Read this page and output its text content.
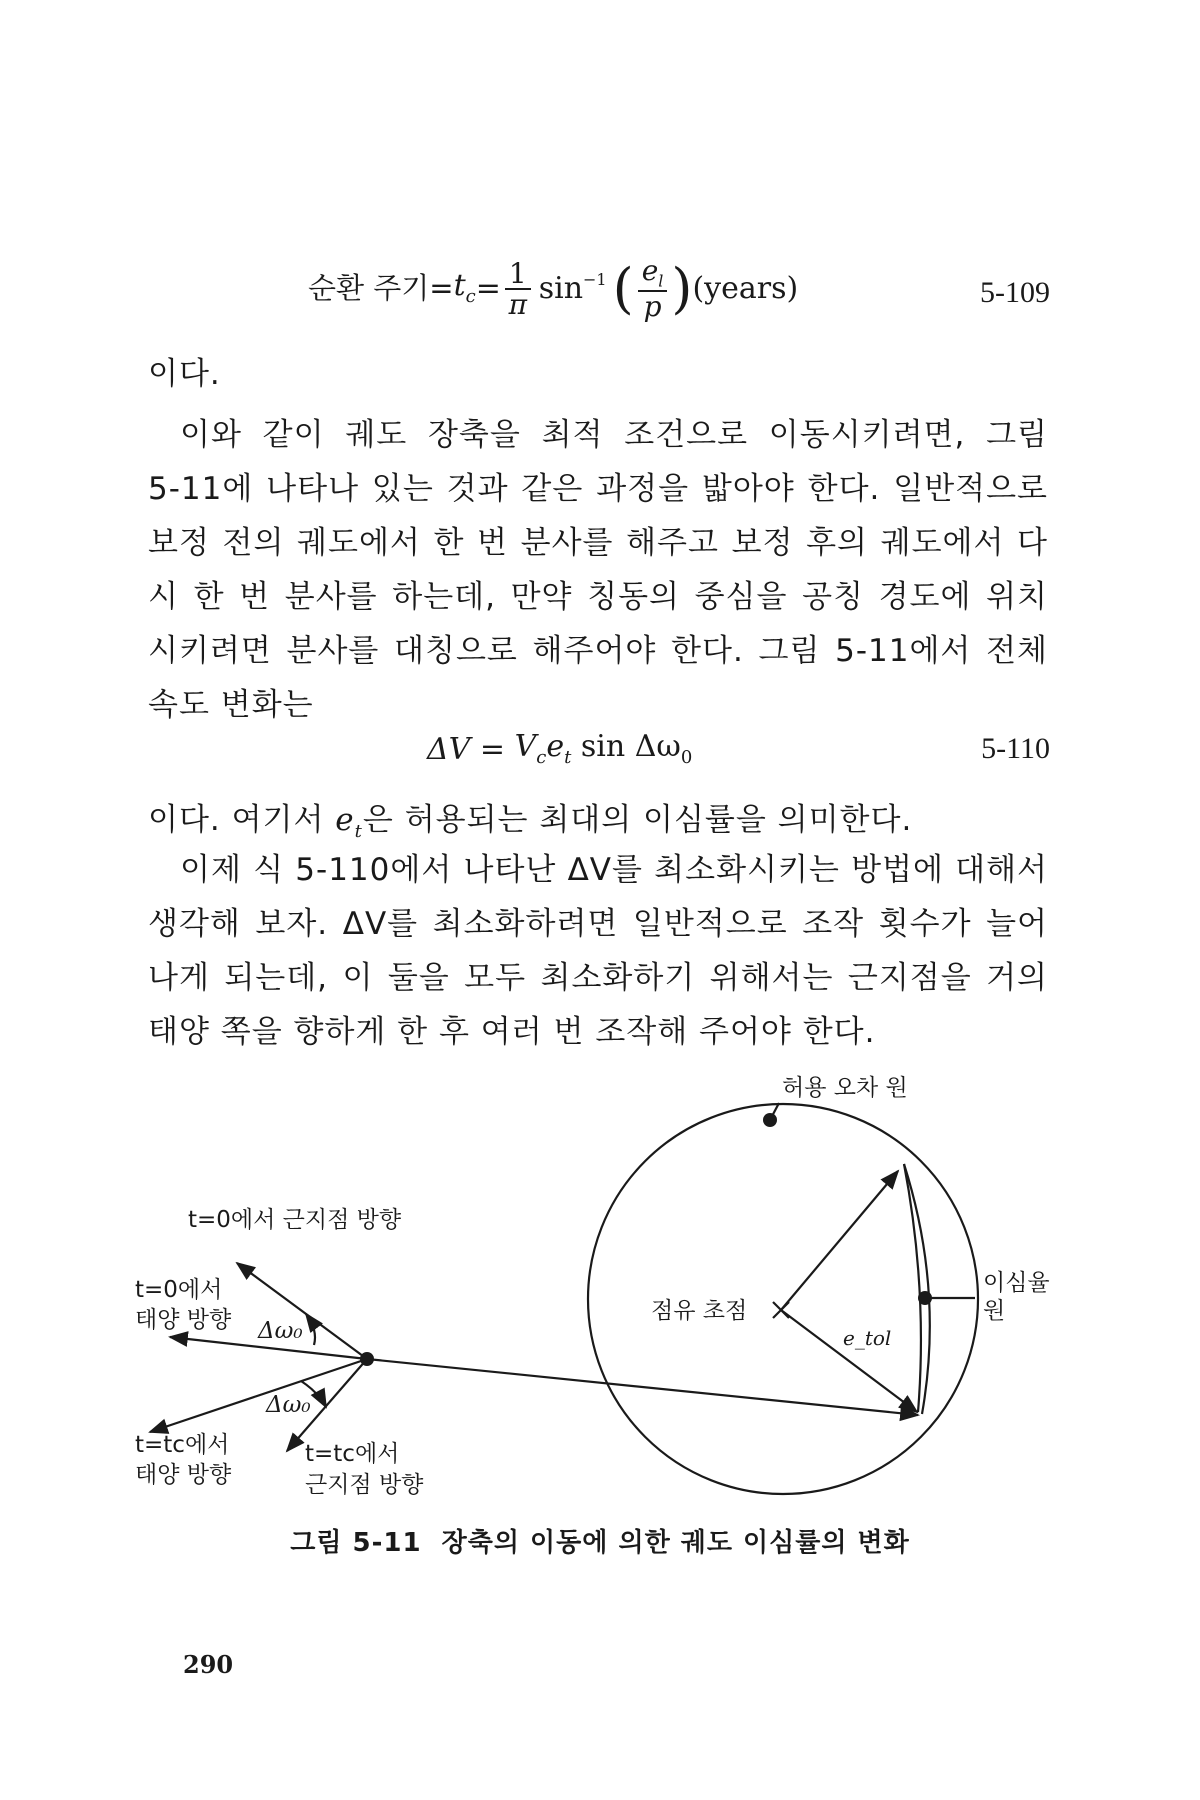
순환 주기= $t_c = \frac{1}{\pi} \sin^{-1}$ ( $\frac{e_l}{p}$ ) (years)	5-109
이다.
이와 같이 궤도 장축을 최적 조건으로 이동시키려면, 그림
5-11에 나타나 있는 것과 같은 과정을 밟아야 한다. 일반적으로
보정 전의 궤도에서 한 번 분사를 해주고 보정 후의 궤도에서 다
시 한 번 분사를 하는데, 만약 칭동의 중심을 공칭 경도에 위치
시키려면 분사를 대칭으로 해주어야 한다. 그림 5-11에서 전체
속도 변화는
$\Delta V = V_c$ $e_t$ $\sin \Delta\omega_0$	5-110
이다. 여기서 $e_t$은 허용되는 최대의 이심률을 의미한다.
이제 식 5-110에서 나타난 ΔV를 최소화시키는 방법에 대해서
생각해 보자. ΔV를 최소화하려면 일반적으로 조작 횟수가 늘어
나게 되는데, 이 둘을 모두 최소화하기 위해서는 근지점을 거의
태양 쪽을 향하게 한 후 여러 번 조작해 주어야 한다.
허용 오차 원
t=0에서 근지점 방향
t=0에서
태양 방향
t=tc에서
태양 방향
t=tc에서
근지점 방향
Δω₀
Δω₀
점유 초점
e_tol
이심율
원
그림 5-11  장축의 이동에 의한 궤도 이심률의 변화
290
